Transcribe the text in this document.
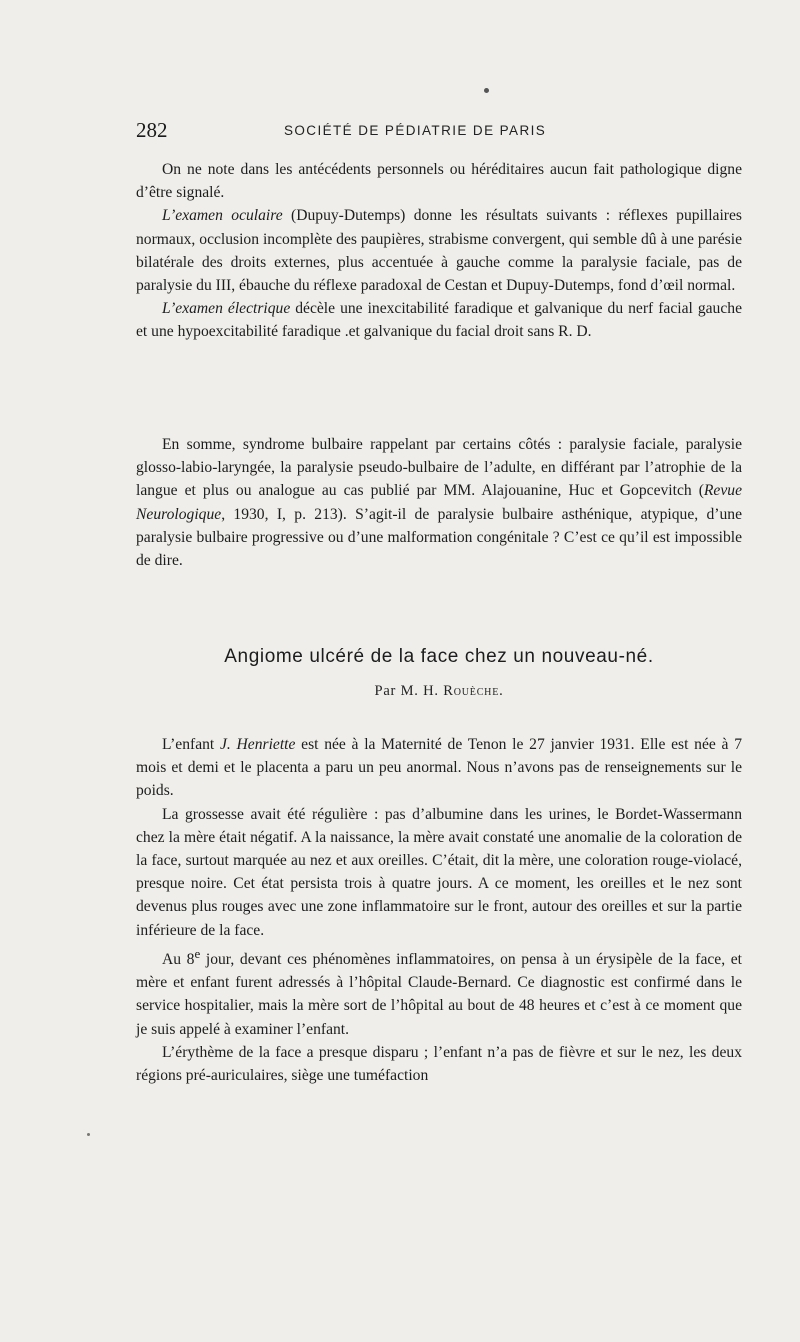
282	SOCIÉTÉ DE PÉDIATRIE DE PARIS

On ne note dans les antécédents personnels ou héréditaires aucun fait pathologique digne d’être signalé.

L’examen oculaire (Dupuy-Dutemps) donne les résultats suivants : réflexes pupillaires normaux, occlusion incomplète des paupières, strabisme convergent, qui semble dû à une parésie bilatérale des droits externes, plus accentuée à gauche comme la paralysie faciale, pas de paralysie du III, ébauche du réflexe paradoxal de Cestan et Dupuy-Dutemps, fond d’œil normal.

L’examen électrique décèle une inexcitabilité faradique et galvanique du nerf facial gauche et une hypoexcitabilité faradique .et galvanique du facial droit sans R. D.

En somme, syndrome bulbaire rappelant par certains côtés : paralysie faciale, paralysie glosso-labio-laryngée, la paralysie pseudo-bulbaire de l’adulte, en différant par l’atrophie de la langue et plus ou analogue au cas publié par MM. Alajouanine, Huc et Gopcevitch (Revue Neurologique, 1930, I, p. 213). S’agit-il de paralysie bulbaire asthénique, atypique, d’une paralysie bulbaire progressive ou d’une malformation congénitale ? C’est ce qu’il est impossible de dire.

Angiome ulcéré de la face chez un nouveau-né.
Par M. H. Rouèche.

L’enfant J. Henriette est née à la Maternité de Tenon le 27 janvier 1931. Elle est née à 7 mois et demi et le placenta a paru un peu anormal. Nous n’avons pas de renseignements sur le poids.

La grossesse avait été régulière : pas d’albumine dans les urines, le Bordet-Wassermann chez la mère était négatif. A la naissance, la mère avait constaté une anomalie de la coloration de la face, surtout marquée au nez et aux oreilles. C’était, dit la mère, une coloration rouge-violacé, presque noire. Cet état persista trois à quatre jours. A ce moment, les oreilles et le nez sont devenus plus rouges avec une zone inflammatoire sur le front, autour des oreilles et sur la partie inférieure de la face.

Au 8e jour, devant ces phénomènes inflammatoires, on pensa à un érysipèle de la face, et mère et enfant furent adressés à l’hôpital Claude-Bernard. Ce diagnostic est confirmé dans le service hospitalier, mais la mère sort de l’hôpital au bout de 48 heures et c’est à ce moment que je suis appelé à examiner l’enfant.

L’érythème de la face a presque disparu ; l’enfant n’a pas de fièvre et sur le nez, les deux régions pré-auriculaires, siège une tuméfaction
